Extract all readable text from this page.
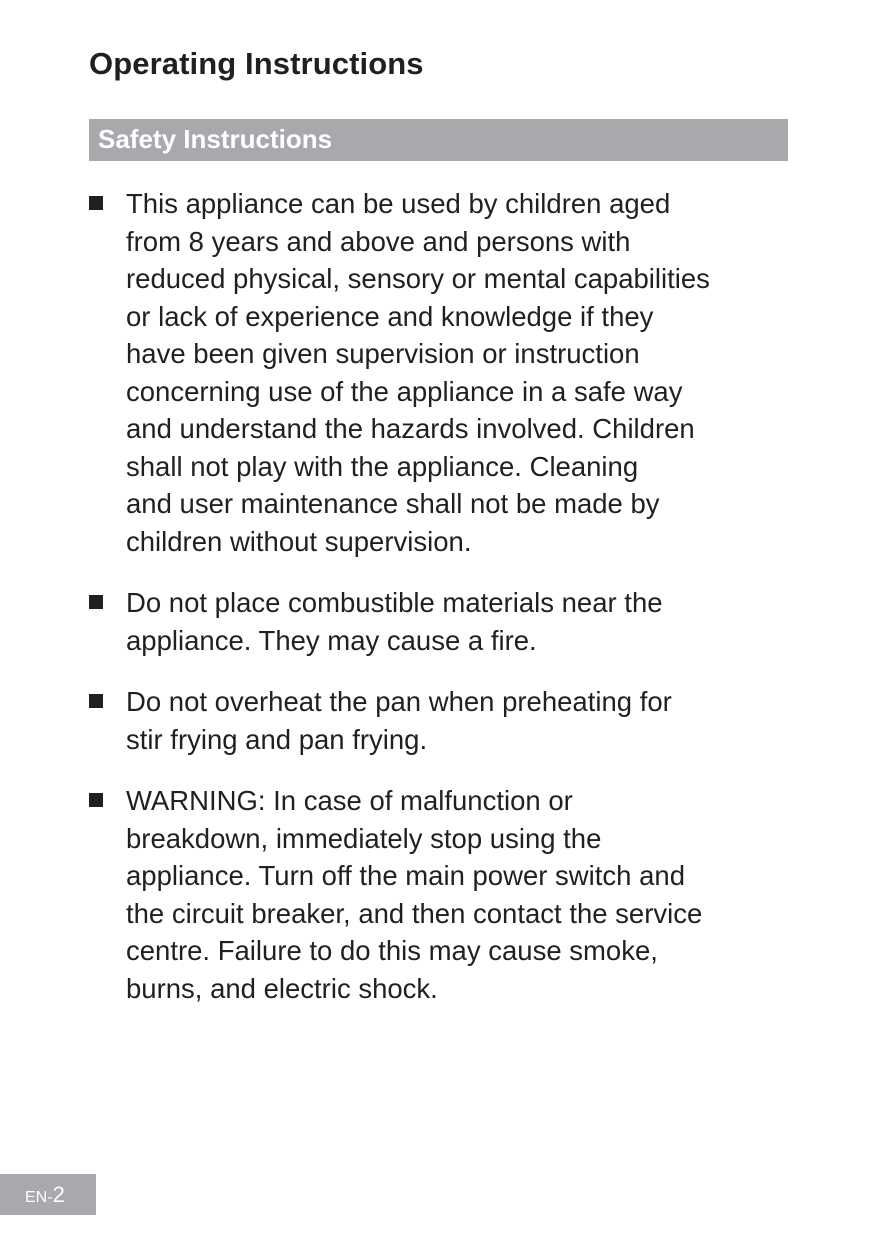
Operating Instructions
Safety Instructions
This appliance can be used by children aged
from 8 years and above and persons with
reduced physical, sensory or mental capabilities
or lack of experience and knowledge if they
have been given supervision or instruction
concerning use of the appliance in a safe way
and understand the hazards involved. Children
shall not play with the appliance. Cleaning
and user maintenance shall not be made by
children without supervision.
Do not place combustible materials near the
appliance. They may cause a fire.
Do not overheat the pan when preheating for
stir frying and pan frying.
WARNING: In case of malfunction or
breakdown, immediately stop using the
appliance. Turn off the main power switch and
the circuit breaker, and then contact the service
centre. Failure to do this may cause smoke,
burns, and electric shock.
EN-2
